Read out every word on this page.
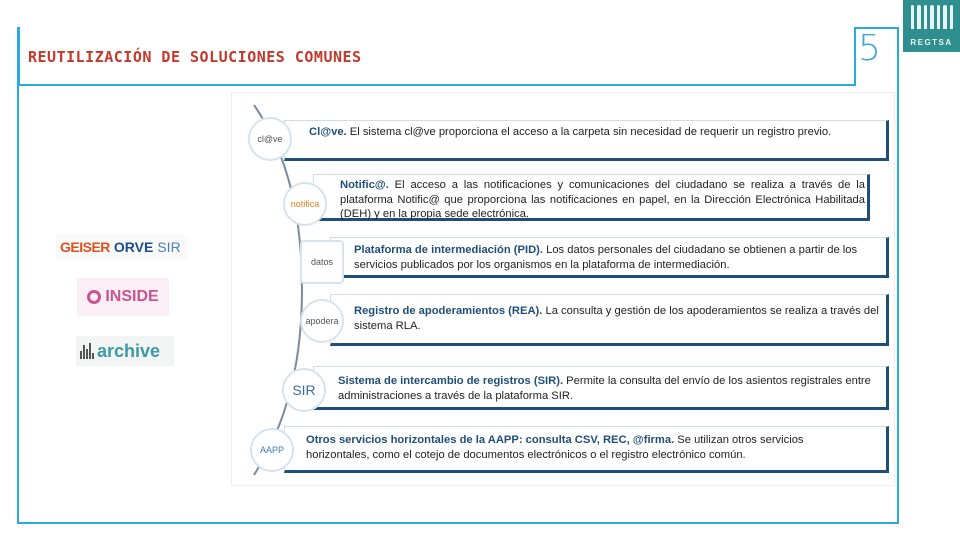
REUTILIZACIÓN DE SOLUCIONES COMUNES	5	REGTSA
GEISER ORVE SIR
INSIDE
archive
Cl@ve. El sistema cl@ve proporciona el acceso a la carpeta sin necesidad de requerir un registro previo.
cl@ve
Notific@. El acceso a las notificaciones y comunicaciones del ciudadano se realiza a través de la plataforma Notific@ que proporciona las notificaciones en papel, en la Dirección Electrónica Habilitada (DEH) y en la propia sede electrónica.
notifica
Plataforma de intermediación (PID). Los datos personales del ciudadano se obtienen a partir de los servicios publicados por los organismos en la plataforma de intermediación.
datos
Registro de apoderamientos (REA). La consulta y gestión de los apoderamientos se realiza a través del sistema RLA.
apodera
Sistema de intercambio de registros (SIR). Permite la consulta del envío de los asientos registrales entre administraciones a través de la plataforma SIR.
SIR
Otros servicios horizontales de la AAPP: consulta CSV, REC, @firma. Se utilizan otros servicios horizontales, como el cotejo de documentos electrónicos o el registro electrónico común.
AAPP
